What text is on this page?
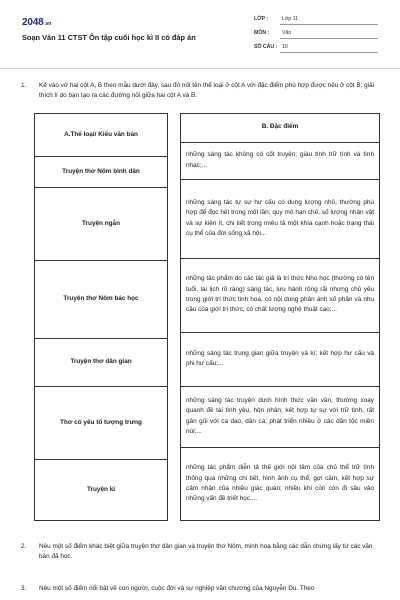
2048.vn
Soạn Văn 11 CTST Ôn tập cuối học kì II có đáp án
LỚP :	Lớp 11
MÔN : Văn
SỐ CÂU : 10
1. Kẻ vào vở hai cột A, B theo mẫu dưới đây, sau đó nối tên thể loại ở cột A với đặc điểm phù hợp được nêu ở cột B; giải thích lí do bạn tạo ra các đường nối giữa hai cột A và B.
A.Thể loại/ Kiểu văn bản
Truyện thơ Nôm bình dân
Truyện ngắn
Truyện thơ Nôm bác học
Truyện thơ dân gian
Thơ có yếu tố tượng trưng
Truyện kí
B. Đặc điểm
những sáng tác không có cốt truyện; giàu tính trữ tình và tình nhạc;...
những sáng tác tự sự hư cấu có dung lượng nhỏ, thường phù hợp để đọc hết trong một lần; quy mô hạn chế, số lượng nhân vật và sự kiện ít, chi tiết trong miêu tả một khía cạnh hoặc trạng thái cụ thể của đời sống xã hội...
những tác phẩm do các tác giả là trí thức Nho học (thường có tên tuổi, lai lịch rõ ràng) sáng tác, lưu hành rộng rãi nhưng chủ yếu trong giới trí thức tinh hoa, có nội dung phản ánh số phận và nhu cầu của giới trí thức, có chất lượng nghệ thuật cao;...
những sáng tác trung gian giữa truyện và kí; kết hợp hư cấu và phi hư cấu;...
những sáng tác truyện dưới hình thức văn vần, thường xoay quanh đề tài tình yêu, hôn nhân; kết hợp tự sự với trữ tình, rất gần gũi với ca dao, dân ca; phát triển nhiều ở các dân tộc miền núi;...
những tác phẩm diễn tả thế giới nội tâm của chủ thể trữ tình thông qua những chi tiết, hình ảnh cụ thể, gợi cảm, kết hợp sự cảm nhận của nhiều giác quan; nhiều khi còn còn đi sâu vào những vấn đề triết học....
2. Nêu một số điểm khác biệt giữa truyện thơ dân gian và truyện thơ Nôm, minh hoạ bằng các dẫn chứng lấy từ các văn bản đã học.
3. Nêu một số điểm nổi bật về con người, cuộc đời và sự nghiệp văn chương của Nguyễn Du. Theo
